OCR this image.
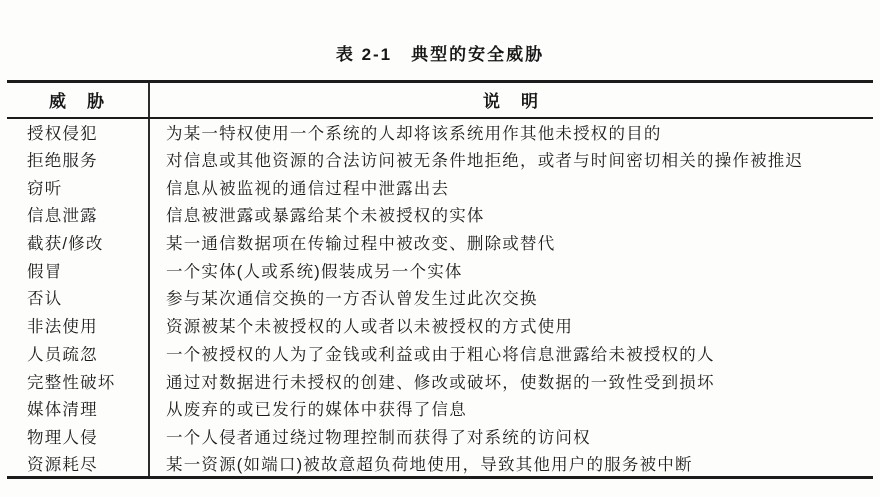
表 2-1　典型的安全威胁
威　胁	说　明
授权侵犯	为某一特权使用一个系统的人却将该系统用作其他未授权的目的
拒绝服务	对信息或其他资源的合法访问被无条件地拒绝，或者与时间密切相关的操作被推迟
窃听	信息从被监视的通信过程中泄露出去
信息泄露	信息被泄露或暴露给某个未被授权的实体
截获/修改	某一通信数据项在传输过程中被改变、删除或替代
假冒	一个实体(人或系统)假装成另一个实体
否认	参与某次通信交换的一方否认曾发生过此次交换
非法使用	资源被某个未被授权的人或者以未被授权的方式使用
人员疏忽	一个被授权的人为了金钱或利益或由于粗心将信息泄露给未被授权的人
完整性破坏	通过对数据进行未授权的创建、修改或破坏，使数据的一致性受到损坏
媒体清理	从废弃的或已发行的媒体中获得了信息
物理人侵	一个人侵者通过绕过物理控制而获得了对系统的访问权
资源耗尽	某一资源(如端口)被故意超负荷地使用，导致其他用户的服务被中断
